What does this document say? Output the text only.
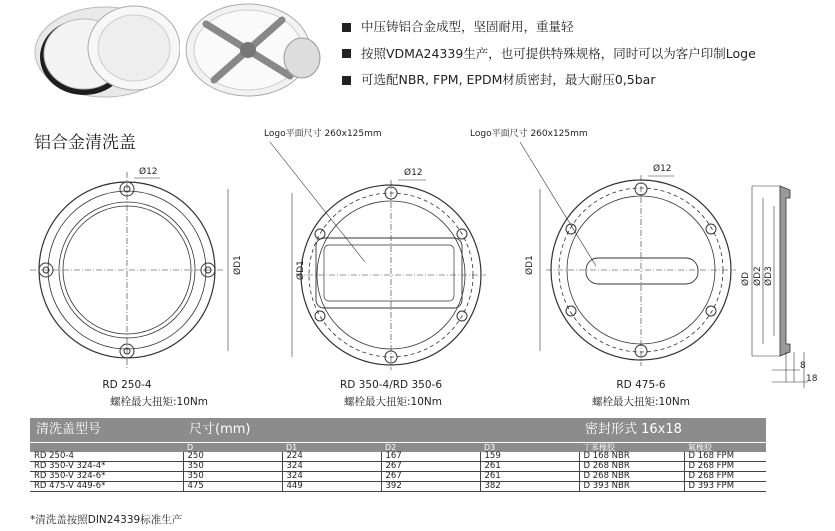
中压铸铝合金成型，坚固耐用，重量轻
按照VDMA24339生产，也可提供特殊规格，同时可以为客户印制Loge
可选配NBR, FPM, EPDM材质密封，最大耐压0,5bar
铝合金清洗盖
Ø12
ØD1
Logo平面尺寸 260x125mm
Ø12
ØD1
Logo平面尺寸 260x125mm
Ø12
ØD1
ØD ØD2 ØD3
8
18
RD 250-4
螺栓最大扭矩:10Nm
RD 350-4/RD 350-6
螺栓最大扭矩:10Nm
RD 475-6
螺栓最大扭矩:10Nm
清洗盖型号	尺寸(mm)				密封形式 16x18	
	D	D1	D2	D3	丁苯橡胶	氟橡胶
RD 250-4	250	224	167	159	D 168 NBR	D 168 FPM
RD 350-V 324-4*	350	324	267	261	D 268 NBR	D 268 FPM
RD 350-V 324-6*	350	324	267	261	D 268 NBR	D 268 FPM
RD 475-V 449-6*	475	449	392	382	D 393 NBR	D 393 FPM
*清洗盖按照DIN24339标准生产
